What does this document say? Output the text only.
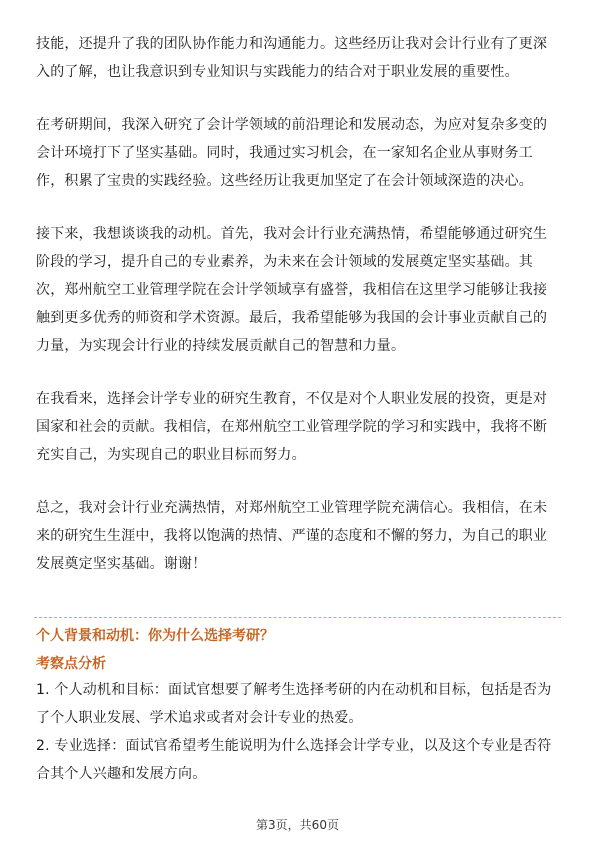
技能，还提升了我的团队协作能力和沟通能力。这些经历让我对会计行业有了更深入的了解，也让我意识到专业知识与实践能力的结合对于职业发展的重要性。

在考研期间，我深入研究了会计学领域的前沿理论和发展动态，为应对复杂多变的会计环境打下了坚实基础。同时，我通过实习机会，在一家知名企业从事财务工作，积累了宝贵的实践经验。这些经历让我更加坚定了在会计领域深造的决心。

接下来，我想谈谈我的动机。首先，我对会计行业充满热情，希望能够通过研究生阶段的学习，提升自己的专业素养，为未来在会计领域的发展奠定坚实基础。其次，郑州航空工业管理学院在会计学领域享有盛誉，我相信在这里学习能够让我接触到更多优秀的师资和学术资源。最后，我希望能够为我国的会计事业贡献自己的力量，为实现会计行业的持续发展贡献自己的智慧和力量。

在我看来，选择会计学专业的研究生教育，不仅是对个人职业发展的投资，更是对国家和社会的贡献。我相信，在郑州航空工业管理学院的学习和实践中，我将不断充实自己，为实现自己的职业目标而努力。

总之，我对会计行业充满热情，对郑州航空工业管理学院充满信心。我相信，在未来的研究生生涯中，我将以饱满的热情、严谨的态度和不懈的努力，为自己的职业发展奠定坚实基础。谢谢！

个人背景和动机：你为什么选择考研？

考察点分析

1. 个人动机和目标：面试官想要了解考生选择考研的内在动机和目标，包括是否为了个人职业发展、学术追求或者对会计专业的热爱。

2. 专业选择：面试官希望考生能说明为什么选择会计学专业，以及这个专业是否符合其个人兴趣和发展方向。

第3页，共60页
